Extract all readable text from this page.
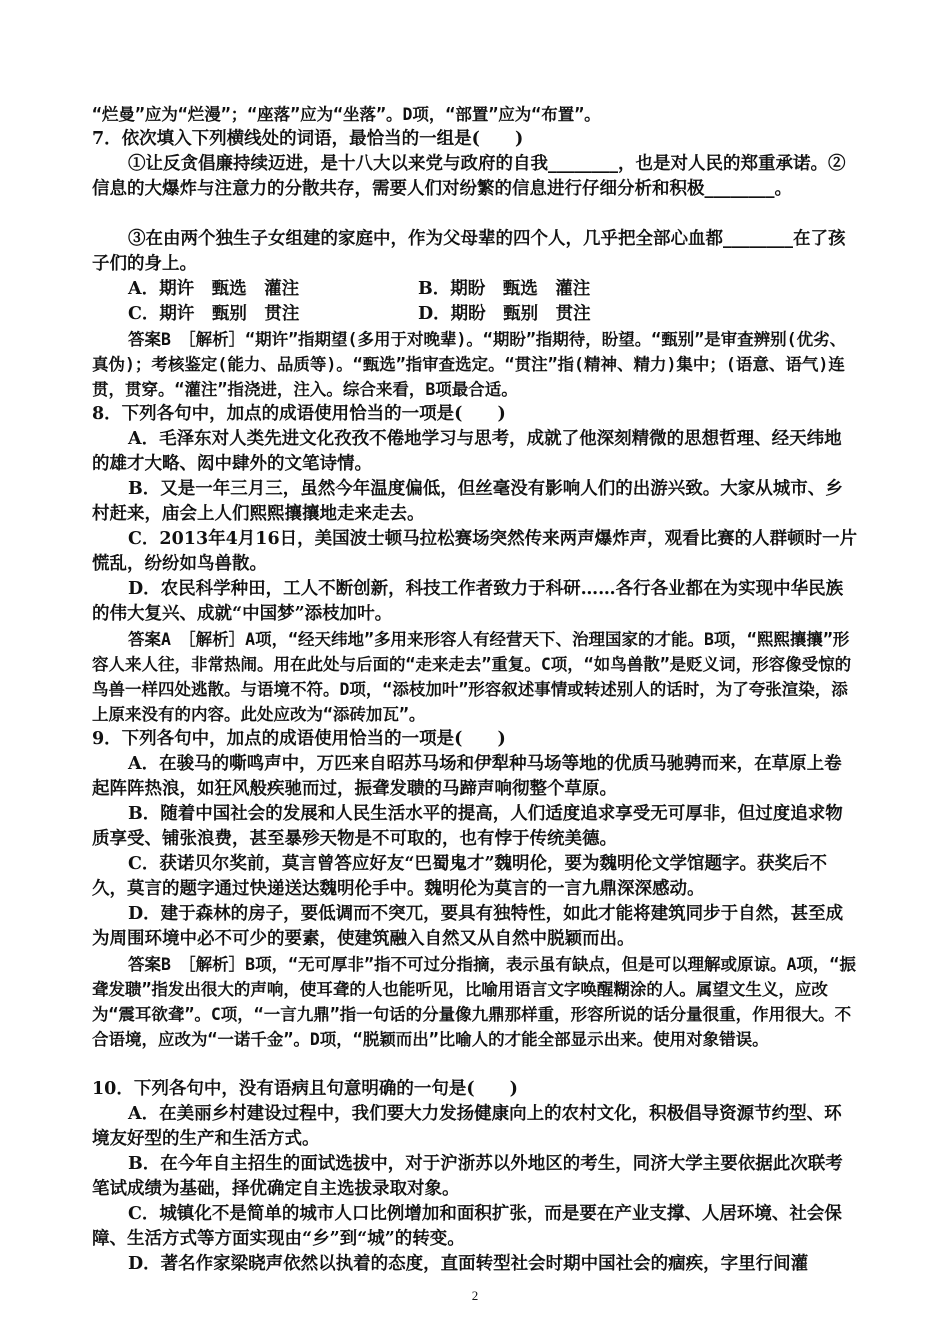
“烂曼”应为“烂漫”；“座落”应为“坐落”。D项，“部置”应为“布置”。
7．依次填入下列横线处的词语，最恰当的一组是(　　)
①让反贪倡廉持续迈进，是十八大以来党与政府的自我________，也是对人民的郑重承诺。②信息的大爆炸与注意力的分散共存，需要人们对纷繁的信息进行仔细分析和积极________。
③在由两个独生子女组建的家庭中，作为父母辈的四个人，几乎把全部心血都________在了孩子们的身上。
A．期许　甄选　灌注	B．期盼　甄选　灌注
C．期许　甄别　贯注	D．期盼　甄别　贯注
答案B　［解析］“期许”指期望(多用于对晚辈)。“期盼”指期待，盼望。“甄别”是审查辨别(优劣、真伪)；考核鉴定(能力、品质等)。“甄选”指审查选定。“贯注”指(精神、精力)集中；(语意、语气)连贯，贯穿。“灌注”指浇进，注入。综合来看，B项最合适。
8．下列各句中，加点的成语使用恰当的一项是(　　)
A．毛泽东对人类先进文化孜孜不倦地学习与思考，成就了他深刻精微的思想哲理、经天纬地的雄才大略、闳中肆外的文笔诗情。
B．又是一年三月三，虽然今年温度偏低，但丝毫没有影响人们的出游兴致。大家从城市、乡村赶来，庙会上人们熙熙攘攘地走来走去。
C．2013年4月16日，美国波士顿马拉松赛场突然传来两声爆炸声，观看比赛的人群顿时一片慌乱，纷纷如鸟兽散。
D．农民科学种田，工人不断创新，科技工作者致力于科研……各行各业都在为实现中华民族的伟大复兴、成就“中国梦”添枝加叶。
答案A　［解析］A项，“经天纬地”多用来形容人有经营天下、治理国家的才能。B项，“熙熙攘攘”形容人来人往，非常热闹。用在此处与后面的“走来走去”重复。C项，“如鸟兽散”是贬义词，形容像受惊的鸟兽一样四处逃散。与语境不符。D项，“添枝加叶”形容叙述事情或转述别人的话时，为了夸张渲染，添上原来没有的内容。此处应改为“添砖加瓦”。
9．下列各句中，加点的成语使用恰当的一项是(　　)
A．在骏马的嘶鸣声中，万匹来自昭苏马场和伊犁种马场等地的优质马驰骋而来，在草原上卷起阵阵热浪，如狂风般疾驰而过，振聋发聩的马蹄声响彻整个草原。
B．随着中国社会的发展和人民生活水平的提高，人们适度追求享受无可厚非，但过度追求物质享受、铺张浪费，甚至暴殄天物是不可取的，也有悖于传统美德。
C．获诺贝尔奖前，莫言曾答应好友“巴蜀鬼才”魏明伦，要为魏明伦文学馆题字。获奖后不久，莫言的题字通过快递送达魏明伦手中。魏明伦为莫言的一言九鼎深深感动。
D．建于森林的房子，要低调而不突兀，要具有独特性，如此才能将建筑同步于自然，甚至成为周围环境中必不可少的要素，使建筑融入自然又从自然中脱颖而出。
答案B　［解析］B项，“无可厚非”指不可过分指摘，表示虽有缺点，但是可以理解或原谅。A项，“振聋发聩”指发出很大的声响，使耳聋的人也能听见，比喻用语言文字唤醒糊涂的人。属望文生义，应改为“震耳欲聋”。C项，“一言九鼎”指一句话的分量像九鼎那样重，形容所说的话分量很重，作用很大。不合语境，应改为“一诺千金”。D项，“脱颖而出”比喻人的才能全部显示出来。使用对象错误。
10．下列各句中，没有语病且句意明确的一句是(　　)
A．在美丽乡村建设过程中，我们要大力发扬健康向上的农村文化，积极倡导资源节约型、环境友好型的生产和生活方式。
B．在今年自主招生的面试选拔中，对于沪浙苏以外地区的考生，同济大学主要依据此次联考笔试成绩为基础，择优确定自主选拔录取对象。
C．城镇化不是简单的城市人口比例增加和面积扩张，而是要在产业支撑、人居环境、社会保障、生活方式等方面实现由“乡”到“城”的转变。
D．著名作家梁晓声依然以执着的态度，直面转型社会时期中国社会的痼疾，字里行间灌
2
